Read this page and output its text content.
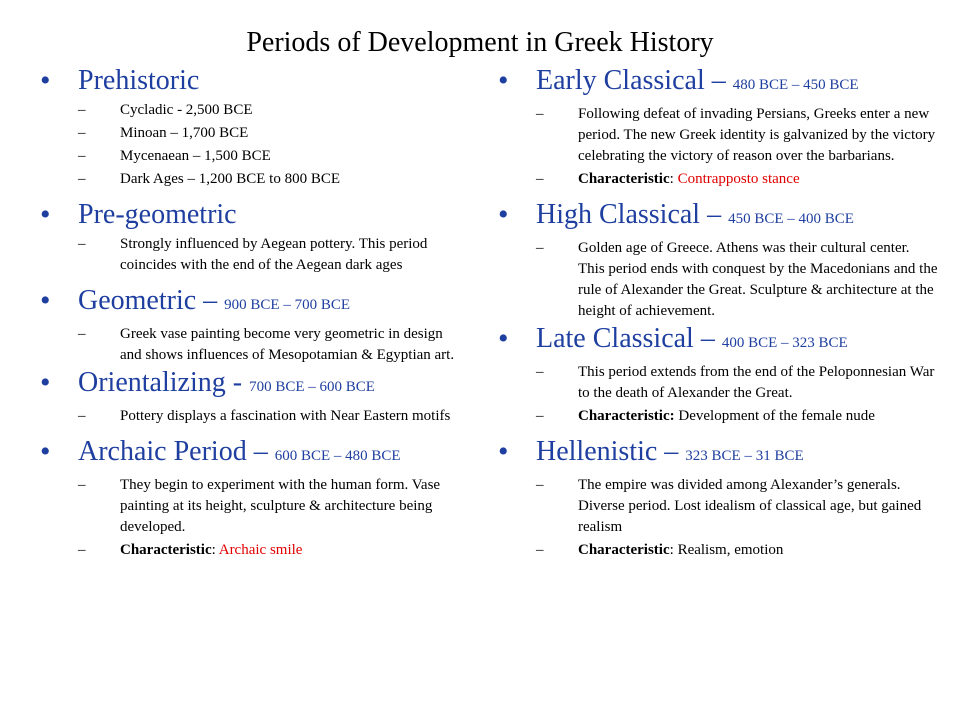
Periods of Development in Greek History
• Prehistoric
–	Cycladic - 2,500 BCE
–	Minoan – 1,700 BCE
–	Mycenaean – 1,500 BCE
–	Dark Ages – 1,200 BCE to 800 BCE
• Pre-geometric
–	Strongly influenced by Aegean pottery. This period coincides with the end of the Aegean dark ages
• Geometric – 900 BCE – 700 BCE
–	Greek vase painting become very geometric in design and shows influences of Mesopotamian & Egyptian art.
• Orientalizing - 700 BCE – 600 BCE
–	Pottery displays a fascination with Near Eastern motifs
• Archaic Period – 600 BCE – 480 BCE
–	They begin to experiment with the human form. Vase painting at its height, sculpture & architecture being developed.
–	Characteristic: Archaic smile
• Early Classical – 480 BCE – 450 BCE
–	Following defeat of invading Persians, Greeks enter a new period. The new Greek identity is galvanized by the victory celebrating the victory of reason over the barbarians.
–	Characteristic: Contrapposto stance
• High Classical – 450 BCE – 400 BCE
–	Golden age of Greece. Athens was their cultural center. This period ends with conquest by the Macedonians and the rule of Alexander the Great. Sculpture & architecture at the height of achievement.
• Late Classical – 400 BCE – 323 BCE
–	This period extends from the end of the Peloponnesian War to the death of Alexander the Great.
–	Characteristic: Development of the female nude
• Hellenistic – 323 BCE – 31 BCE
–	The empire was divided among Alexander’s generals. Diverse period. Lost idealism of classical age, but gained realism
–	Characteristic: Realism, emotion
